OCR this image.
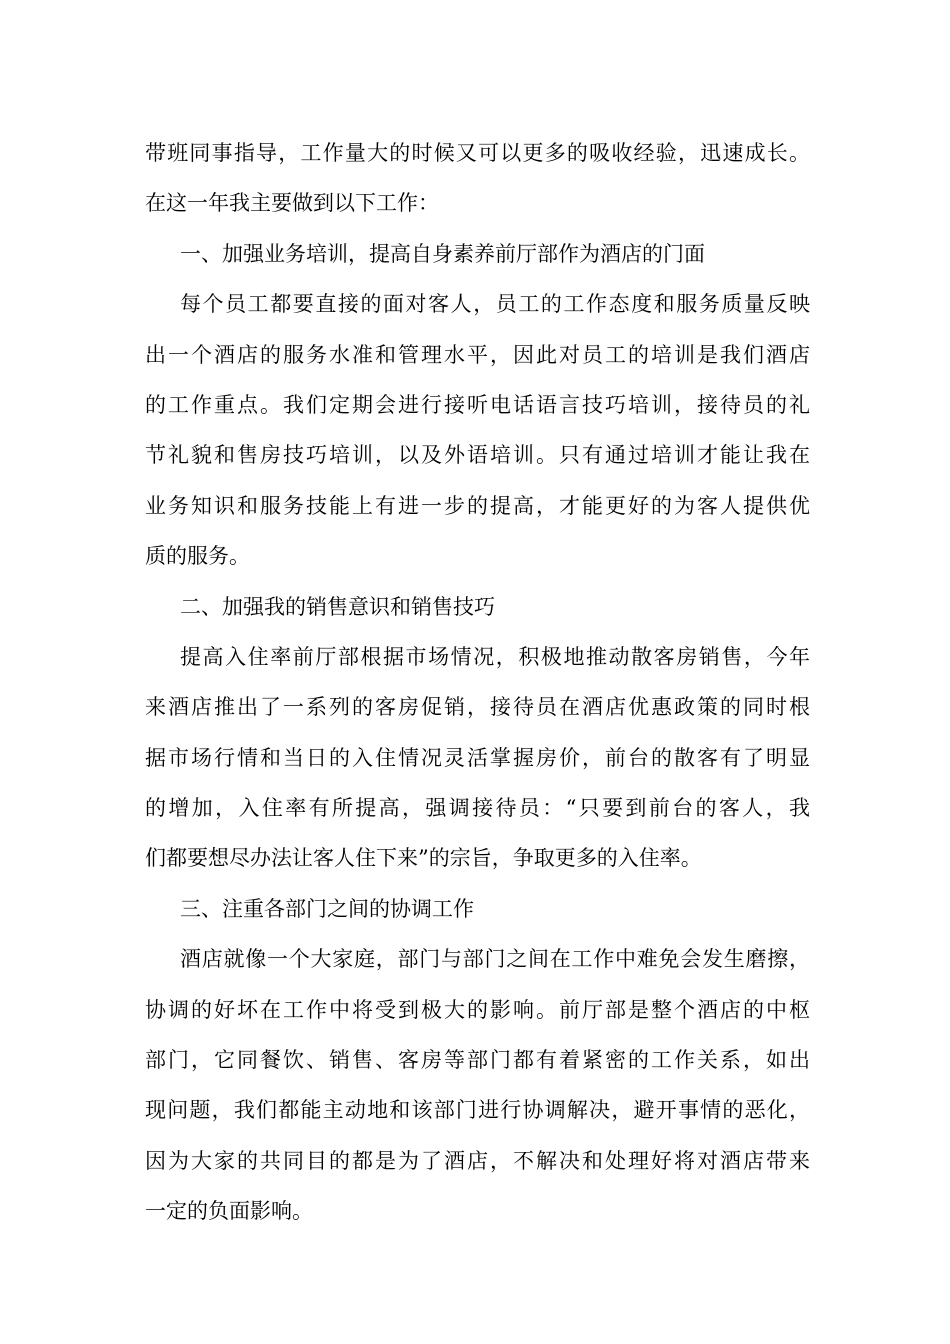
带班同事指导，工作量大的时候又可以更多的吸收经验，迅速成长。
在这一年我主要做到以下工作：
一、加强业务培训，提高自身素养前厅部作为酒店的门面
每个员工都要直接的面对客人，员工的工作态度和服务质量反映
出一个酒店的服务水准和管理水平，因此对员工的培训是我们酒店
的工作重点。我们定期会进行接听电话语言技巧培训，接待员的礼
节礼貌和售房技巧培训，以及外语培训。只有通过培训才能让我在
业务知识和服务技能上有进一步的提高，才能更好的为客人提供优
质的服务。
二、加强我的销售意识和销售技巧
提高入住率前厅部根据市场情况，积极地推动散客房销售，今年
来酒店推出了一系列的客房促销，接待员在酒店优惠政策的同时根
据市场行情和当日的入住情况灵活掌握房价，前台的散客有了明显
的增加，入住率有所提高，强调接待员：“只要到前台的客人，我
们都要想尽办法让客人住下来”的宗旨，争取更多的入住率。
三、注重各部门之间的协调工作
酒店就像一个大家庭，部门与部门之间在工作中难免会发生磨擦，
协调的好坏在工作中将受到极大的影响。前厅部是整个酒店的中枢
部门，它同餐饮、销售、客房等部门都有着紧密的工作关系，如出
现问题，我们都能主动地和该部门进行协调解决，避开事情的恶化，
因为大家的共同目的都是为了酒店，不解决和处理好将对酒店带来
一定的负面影响。
